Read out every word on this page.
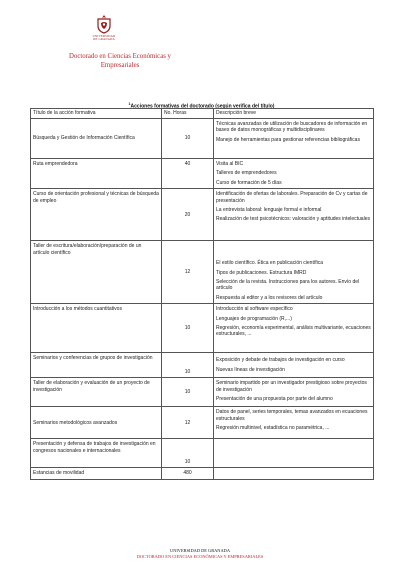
UNIVERSIDAD
DE GRANADA
Doctorado en Ciencias Económicas y
Empresariales
$^1$Acciones formativas del doctorado (según verifica del título)
Título de la acción formativa	No. Horas	Descripción breve
Búsqueda y Gestión de Información Científica	10	Técnicas avanzadas de utilización de buscadores de información en bases de datos monográficas y multidisciplinares

Manejo de herramientas para gestionar referencias bibliográficas

Ruta emprendedora	40	Visita al BIC

Talleres de emprendedores

Curso de formación de 5 días

Curso de orientación profesional y técnicas de búsqueda de empleo	20	Identificación de ofertas de laborales. Preparación de Cv y cartas de presentación

La entrevista laboral: lenguaje formal e informal

Realización de test psicotécnicos: valoración y aptitudes intelectuales

Taller de escritura/elaboración/preparación de un artículo científico	12	El estilo científico. Ética en publicación científica

Tipos de publicaciones. Estructura IMRD

Selección de la revista. Instrucciones para los autores. Envío del artículo

Respuesta al editor y a los revisores del artículo

Introducción a los métodos cuantitativos	10	Introducción al software específico

Lenguajes de programación (R,...)

Regresión, economía experimental, análisis multivariante, ecuaciones estructurales, ...

Seminarios y conferencias de grupos de investigación	10	Exposición y debate de trabajos de investigación en curso

Nuevas líneas de investigación

Taller de elaboración y evaluación de un proyecto de investigación	10	Seminario impartido por un investigador prestigioso sobre proyectos de investigación

Presentación de una propuesta por parte del alumno

Seminarios metodológicos avanzados	12	Datos de panel, series temporales, temas avanzados en ecuaciones estructurales

Regresión multinivel, estadística no paramétrica, ...

Presentación y defensa de trabajos de investigación en congresos nacionales e internacionales	10	
Estancias de movilidad	480	
UNIVERSIDAD DE GRANADA
DOCTORADO EN CIENCIAS ECONÓMICAS Y EMPRESARIALES
